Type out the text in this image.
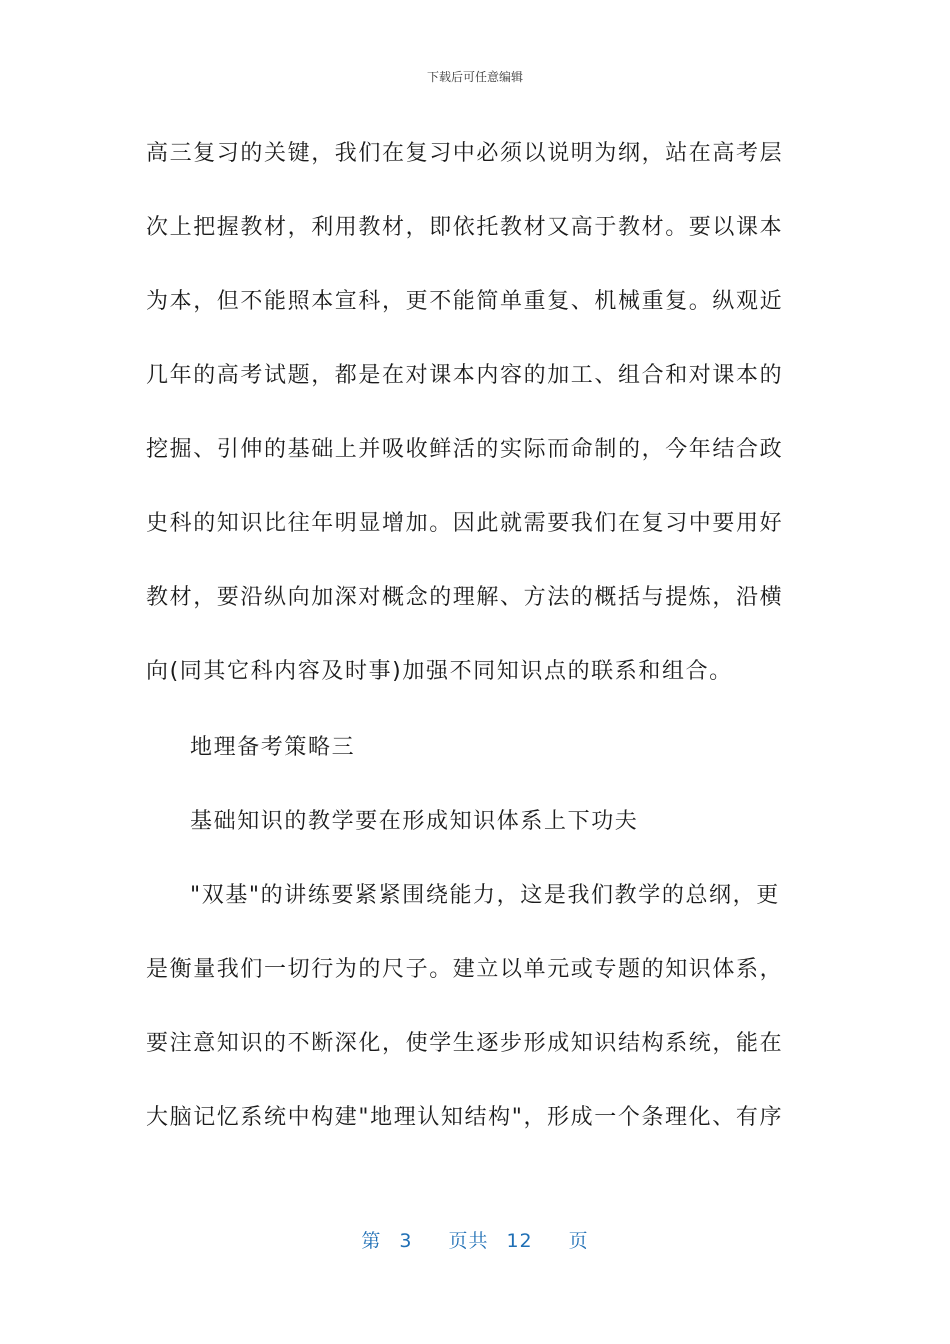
下载后可任意编辑
高三复习的关键，我们在复习中必须以说明为纲，站在高考层
次上把握教材，利用教材，即依托教材又高于教材。要以课本
为本，但不能照本宣科，更不能简单重复、机械重复。纵观近
几年的高考试题，都是在对课本内容的加工、组合和对课本的
挖掘、引伸的基础上并吸收鲜活的实际而命制的，今年结合政
史科的知识比往年明显增加。因此就需要我们在复习中要用好
教材，要沿纵向加深对概念的理解、方法的概括与提炼，沿横
向(同其它科内容及时事)加强不同知识点的联系和组合。
地理备考策略三
基础知识的教学要在形成知识体系上下功夫
"双基"的讲练要紧紧围绕能力，这是我们教学的总纲，更
是衡量我们一切行为的尺子。建立以单元或专题的知识体系，
要注意知识的不断深化，使学生逐步形成知识结构系统，能在
大脑记忆系统中构建"地理认知结构"，形成一个条理化、有序
第 3 页共 12 页
